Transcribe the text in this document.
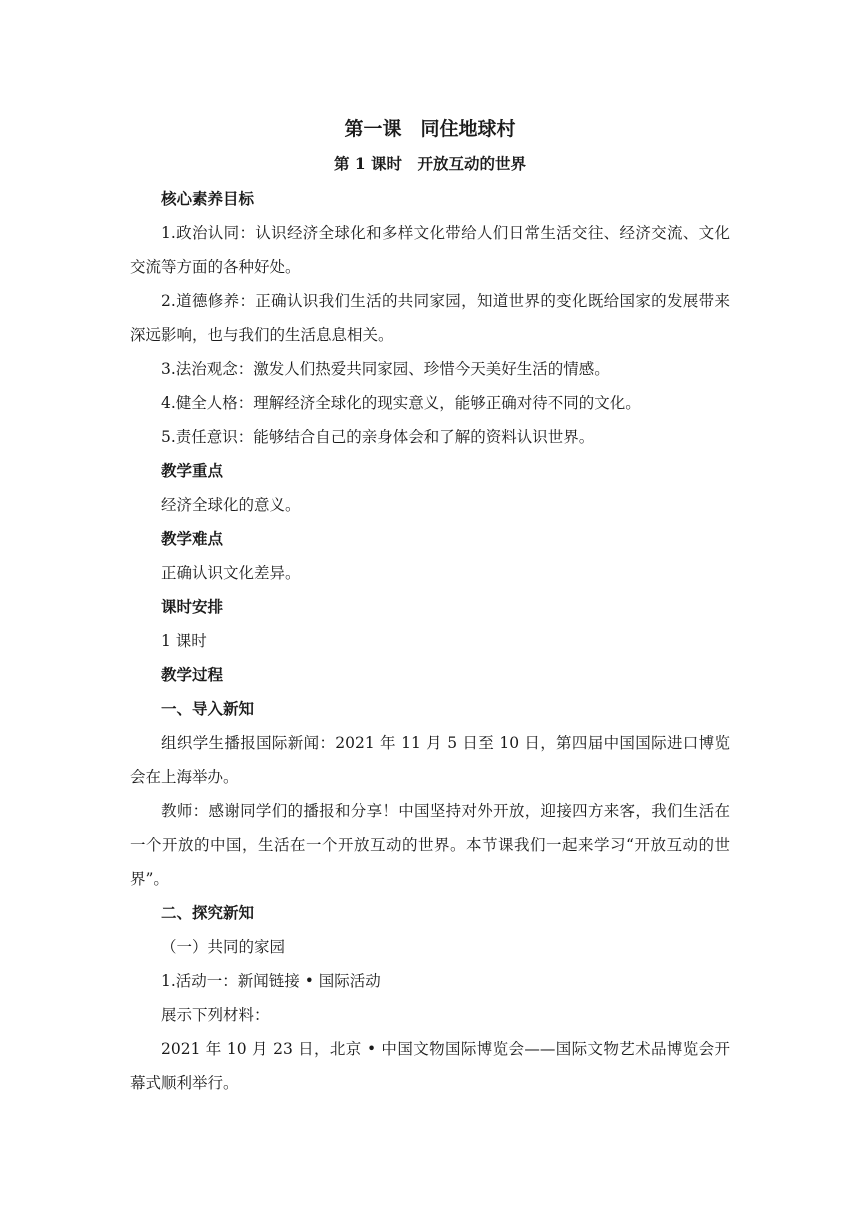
第一课　同住地球村
第 1 课时　开放互动的世界

核心素养目标

1.政治认同：认识经济全球化和多样文化带给人们日常生活交往、经济交流、文化交流等方面的各种好处。

2.道德修养：正确认识我们生活的共同家园，知道世界的变化既给国家的发展带来深远影响，也与我们的生活息息相关。

3.法治观念：激发人们热爱共同家园、珍惜今天美好生活的情感。

4.健全人格：理解经济全球化的现实意义，能够正确对待不同的文化。

5.责任意识：能够结合自己的亲身体会和了解的资料认识世界。

教学重点

经济全球化的意义。

教学难点

正确认识文化差异。

课时安排

1 课时

教学过程

一、导入新知

组织学生播报国际新闻：2021 年 11 月 5 日至 10 日，第四届中国国际进口博览会在上海举办。

教师：感谢同学们的播报和分享！中国坚持对外开放，迎接四方来客，我们生活在一个开放的中国，生活在一个开放互动的世界。本节课我们一起来学习“开放互动的世界”。

二、探究新知

（一）共同的家园

1.活动一：新闻链接 • 国际活动

展示下列材料：

2021 年 10 月 23 日，北京 • 中国文物国际博览会——国际文物艺术品博览会开幕式顺利举行。
